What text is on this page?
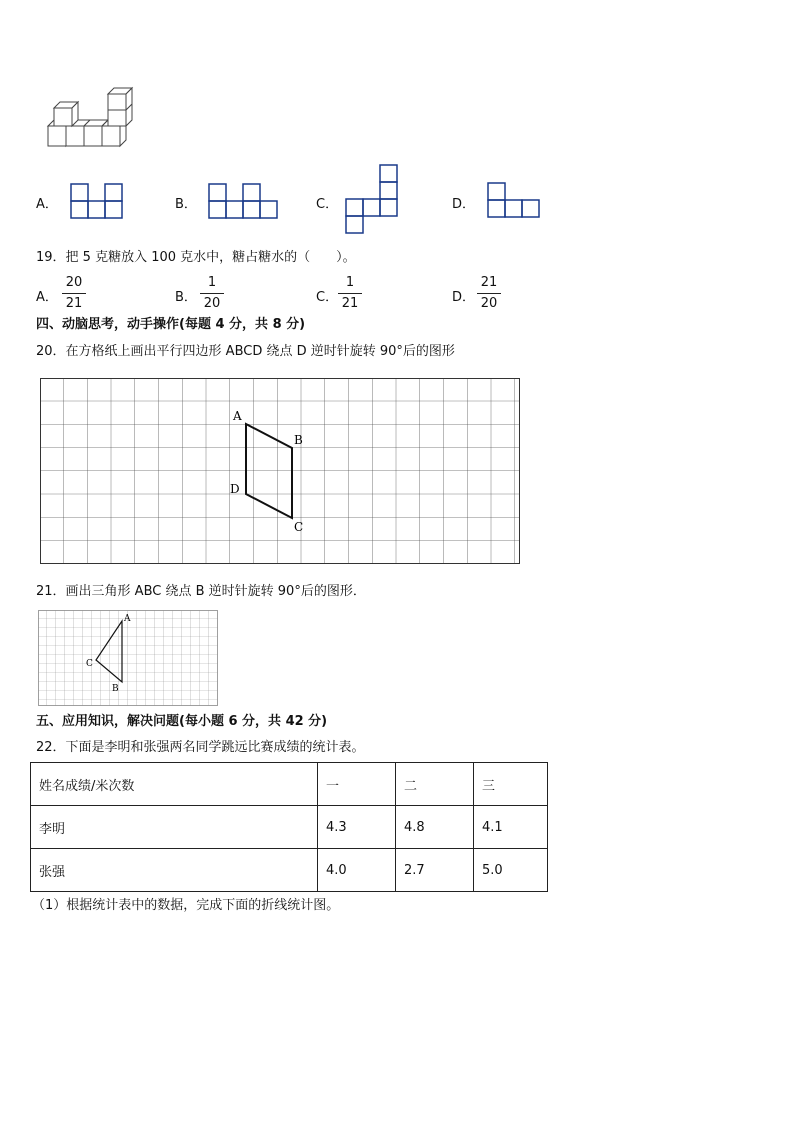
A．	B．	C．	D．
19．把 5 克糖放入 100 克水中，糖占糖水的（　　）。
A．
20
21	B．
1
20	C．
1
21	D．
21
20
四、动脑思考，动手操作(每题 4 分，共 8 分)
20．在方格纸上画出平行四边形 ABCD 绕点 D 逆时针旋转 90°后的图形
A
B
C
D
21．画出三角形 ABC 绕点 B 逆时针旋转 90°后的图形．
A
B
C
五、应用知识，解决问题(每小题 6 分，共 42 分)
22．下面是李明和张强两名同学跳远比赛成绩的统计表。
姓名成绩/米次数	一	二	三
李明	4.3	4.8	4.1
张强	4.0	2.7	5.0
（1）根据统计表中的数据，完成下面的折线统计图。
